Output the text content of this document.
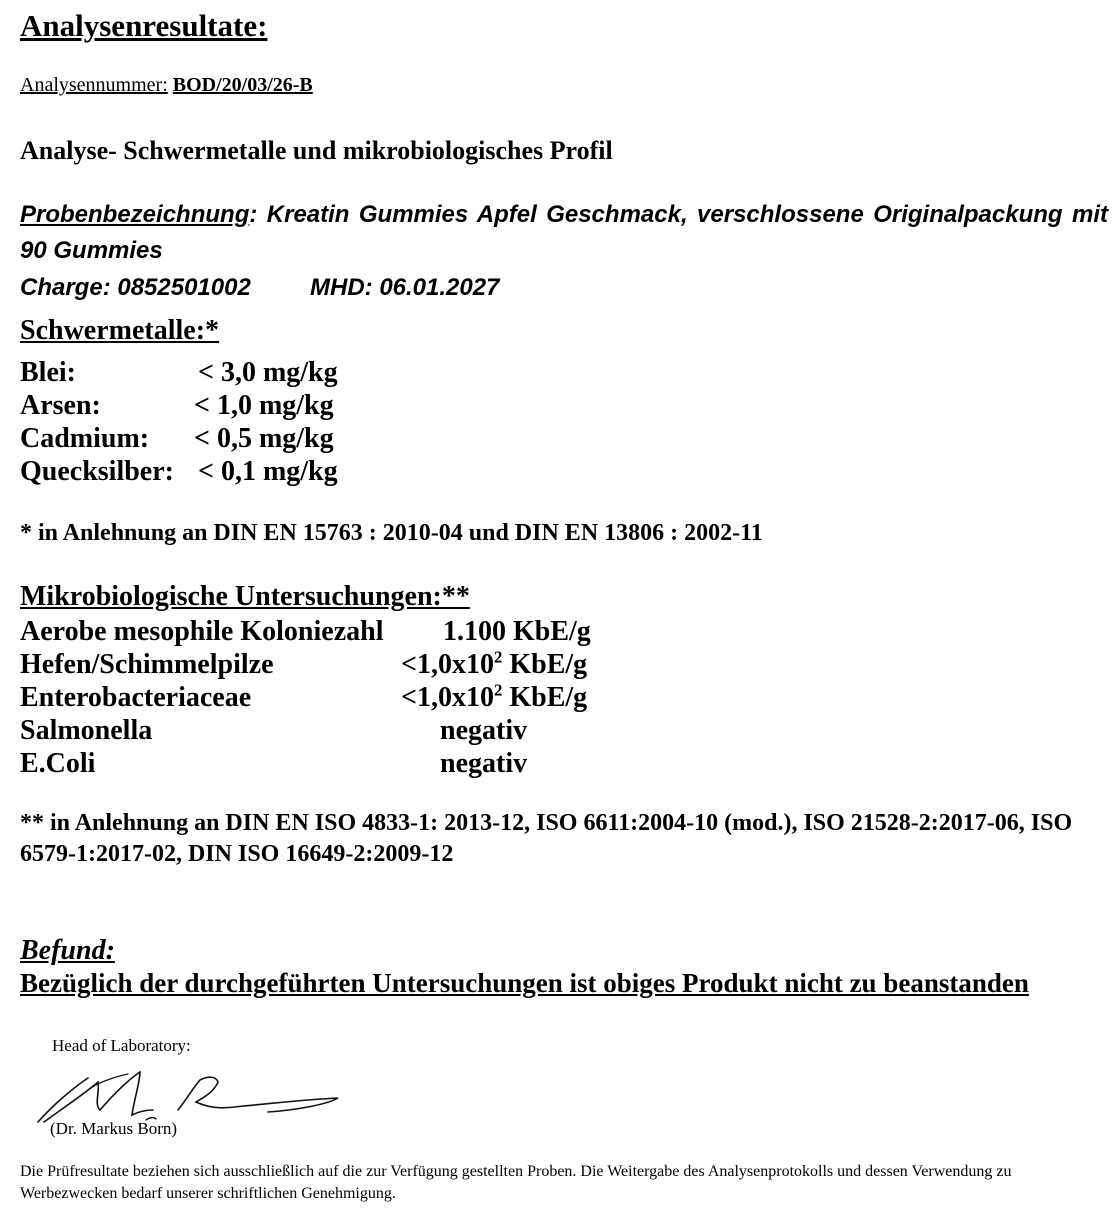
Analysenresultate:
Analysennummer: BOD/20/03/26-B
Analyse- Schwermetalle und mikrobiologisches Profil
Probenbezeichnung: Kreatin Gummies Apfel Geschmack, verschlossene Originalpackung mit 90 Gummies
Charge: 0852501002 MHD: 06.01.2027
Schwermetalle:*
Blei:	< 3,0 mg/kg
Arsen:	< 1,0 mg/kg
Cadmium: < 0,5 mg/kg
Quecksilber: < 0,1 mg/kg
* in Anlehnung an DIN EN 15763 : 2010-04 und DIN EN 13806 : 2002-11
Mikrobiologische Untersuchungen:**
Aerobe mesophile Koloniezahl 1.100 KbE/g
Hefen/Schimmelpilze	$<1,0x10^2$ KbE/g
Enterobacteriaceae	$<1,0x10^2$ KbE/g
Salmonella	negativ
E.Coli	negativ
** in Anlehnung an DIN EN ISO 4833-1: 2013-12, ISO 6611:2004-10 (mod.), ISO 21528-2:2017-06, ISO 6579-1:2017-02, DIN ISO 16649-2:2009-12
Befund:
Bezüglich der durchgeführten Untersuchungen ist obiges Produkt nicht zu beanstanden
Head of Laboratory:
(Dr. Markus Born)
Die Prüfresultate beziehen sich ausschließlich auf die zur Verfügung gestellten Proben. Die Weitergabe des Analysenprotokolls und dessen Verwendung zu Werbezwecken bedarf unserer schriftlichen Genehmigung.
